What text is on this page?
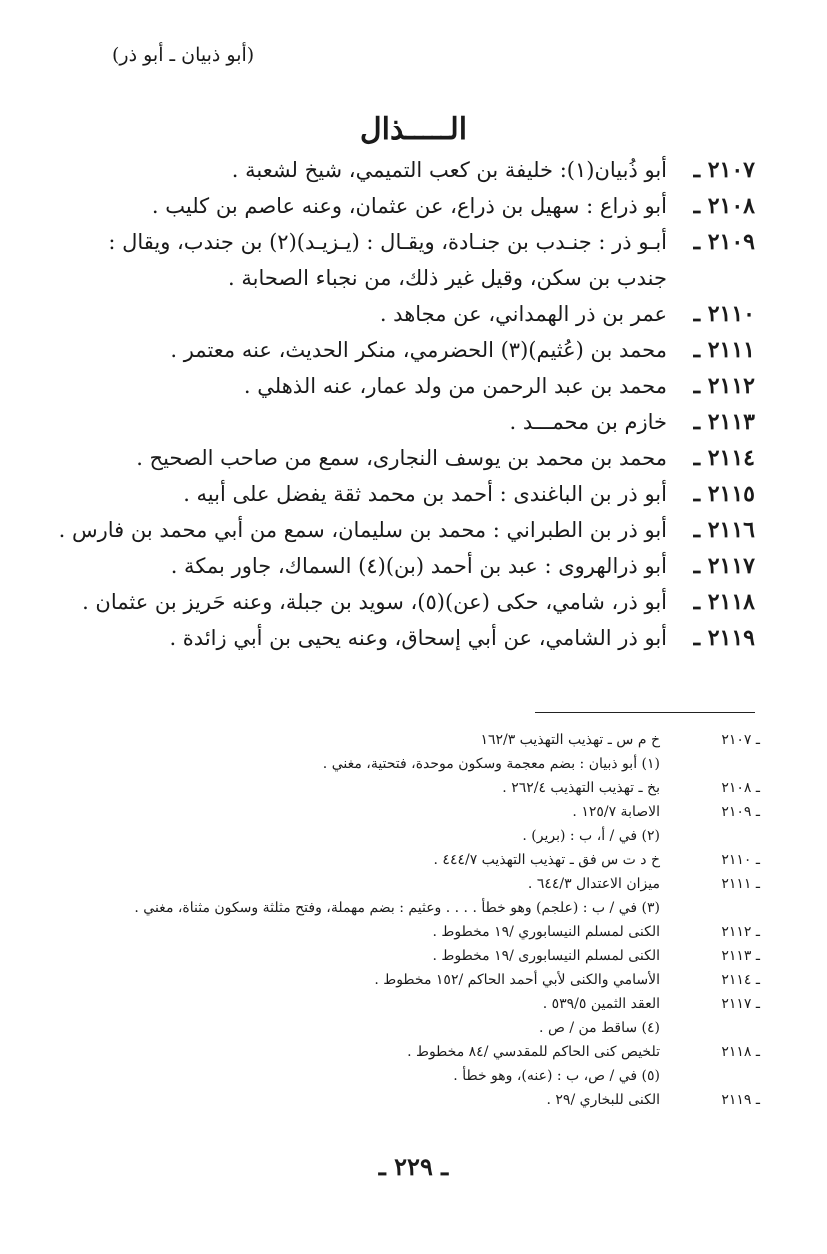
(أبو ذبيان ـ أبو ذر)
الـــــذال
٢١٠٧ ـ
أبو ذُبيان(١): خليفة بن كعب التميمي، شيخ لشعبة .
٢١٠٨ ـ
أبو ذراع : سهيل بن ذراع، عن عثمان، وعنه عاصم بن كليب .
٢١٠٩ ـ
أبـو ذر : جنـدب بن جنـادة، ويقـال : (يـزيـد)(٢) بن جندب، ويقال :
جندب بن سكن، وقيل غير ذلك، من نجباء الصحابة .
٢١١٠ ـ
عمر بن ذر الهمداني، عن مجاهد .
٢١١١ ـ
محمد بن (عُثيم)(٣) الحضرمي، منكر الحديث، عنه معتمر .
٢١١٢ ـ
محمد بن عبد الرحمن من ولد عمار، عنه الذهلي .
٢١١٣ ـ
خازم بن محمـــد .
٢١١٤ ـ
محمد بن محمد بن يوسف النجارى، سمع من صاحب الصحيح .
٢١١٥ ـ
أبو ذر بن الباغندى : أحمد بن محمد ثقة يفضل على أبيه .
٢١١٦ ـ
أبو ذر بن الطبراني : محمد بن سليمان، سمع من أبي محمد بن فارس .
٢١١٧ ـ
أبو ذرالهروى : عبد بن أحمد (بن)(٤) السماك، جاور بمكة .
٢١١٨ ـ
أبو ذر، شامي، حكى (عن)(٥)، سويد بن جبلة، وعنه حَريز بن عثمان .
٢١١٩ ـ
أبو ذر الشامي، عن أبي إسحاق، وعنه يحيى بن أبي زائدة .
ـ ٢١٠٧
خ م س ـ تهذيب التهذيب ١٦٢/٣
(١) أبو ذبيان : بضم معجمة وسكون موحدة، فتحتية، مغني .
ـ ٢١٠٨
بخ ـ تهذيب التهذيب ٢٦٢/٤ .
ـ ٢١٠٩
الاصابة ١٢٥/٧ .
(٢) في / أ، ب : (برير) .
ـ ٢١١٠
خ د ت س فق ـ تهذيب التهذيب ٤٤٤/٧ .
ـ ٢١١١
ميزان الاعتدال ٦٤٤/٣ .
(٣) في / ب : (علجم) وهو خطأ . . . . وعثيم : بضم مهملة، وفتح مثلثة وسكون مثناة، مغني .
ـ ٢١١٢
الكنى لمسلم النيسابوري /١٩ مخطوط .
ـ ٢١١٣
الكنى لمسلم النيسابورى /١٩ مخطوط .
ـ ٢١١٤
الأسامي والكنى لأبي أحمد الحاكم /١٥٢ مخطوط .
ـ ٢١١٧
العقد الثمين ٥٣٩/٥ .
(٤) ساقط من / ص .
ـ ٢١١٨
تلخيص كنى الحاكم للمقدسي /٨٤ مخطوط .
(٥) في / ص، ب : (عنه)، وهو خطأ .
ـ ٢١١٩
الكنى للبخاري /٢٩ .
ـ ٢٢٩ ـ
